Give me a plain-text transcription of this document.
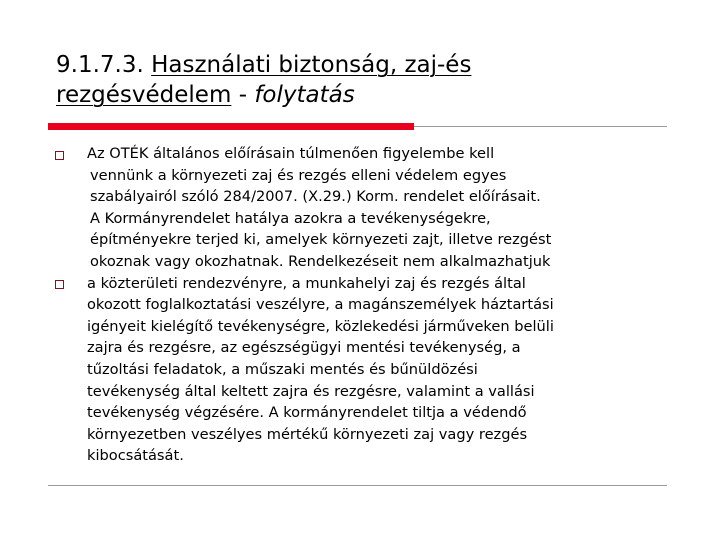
9.1.7.3. Használati biztonság, zaj-és
rezgésvédelem - folytatás
Az OTÉK általános előírásain túlmenően figyelembe kell
vennünk a környezeti zaj és rezgés elleni védelem egyes
szabályairól szóló 284/2007. (X.29.) Korm. rendelet előírásait.
A Kormányrendelet hatálya azokra a tevékenységekre,
építményekre terjed ki, amelyek környezeti zajt, illetve rezgést
okoznak vagy okozhatnak. Rendelkezéseit nem alkalmazhatjuk
a közterületi rendezvényre, a munkahelyi zaj és rezgés által
okozott foglalkoztatási veszélyre, a magánszemélyek háztartási
igényeit kielégítő tevékenységre, közlekedési járműveken belüli
zajra és rezgésre, az egészségügyi mentési tevékenység, a
tűzoltási feladatok, a műszaki mentés és bűnüldözési
tevékenység által keltett zajra és rezgésre, valamint a vallási
tevékenység végzésére. A kormányrendelet tiltja a védendő
környezetben veszélyes mértékű környezeti zaj vagy rezgés
kibocsátását.
